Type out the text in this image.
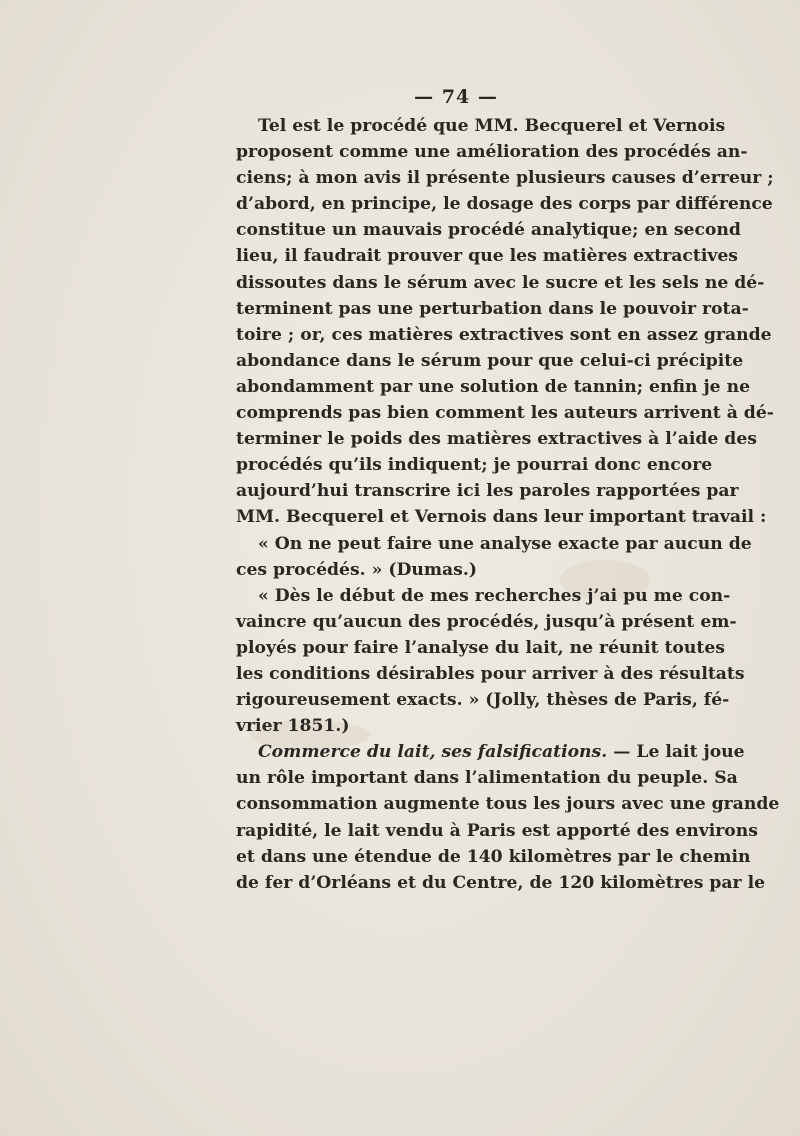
— 74 —
Tel est le procédé que MM. Becquerel et Vernois
proposent comme une amélioration des procédés an-
ciens; à mon avis il présente plusieurs causes d’erreur ;
d’abord, en principe, le dosage des corps par différence
constitue un mauvais procédé analytique; en second
lieu, il faudrait prouver que les matières extractives
dissoutes dans le sérum avec le sucre et les sels ne dé-
terminent pas une perturbation dans le pouvoir rota-
toire ; or, ces matières extractives sont en assez grande
abondance dans le sérum pour que celui-ci précipite
abondamment par une solution de tannin; enfin je ne
comprends pas bien comment les auteurs arrivent à dé-
terminer le poids des matières extractives à l’aide des
procédés qu’ils indiquent; je pourrai donc encore
aujourd’hui transcrire ici les paroles rapportées par
MM. Becquerel et Vernois dans leur important travail :
« On ne peut faire une analyse exacte par aucun de
ces procédés. » (Dumas.)
« Dès le début de mes recherches j’ai pu me con-
vaincre qu’aucun des procédés, jusqu’à présent em-
ployés pour faire l’analyse du lait, ne réunit toutes
les conditions désirables pour arriver à des résultats
rigoureusement exacts. » (Jolly, thèses de Paris, fé-
vrier 1851.)
Commerce du lait, ses falsifications. — Le lait joue
un rôle important dans l’alimentation du peuple. Sa
consommation augmente tous les jours avec une grande
rapidité, le lait vendu à Paris est apporté des environs
et dans une étendue de 140 kilomètres par le chemin
de fer d’Orléans et du Centre, de 120 kilomètres par le
